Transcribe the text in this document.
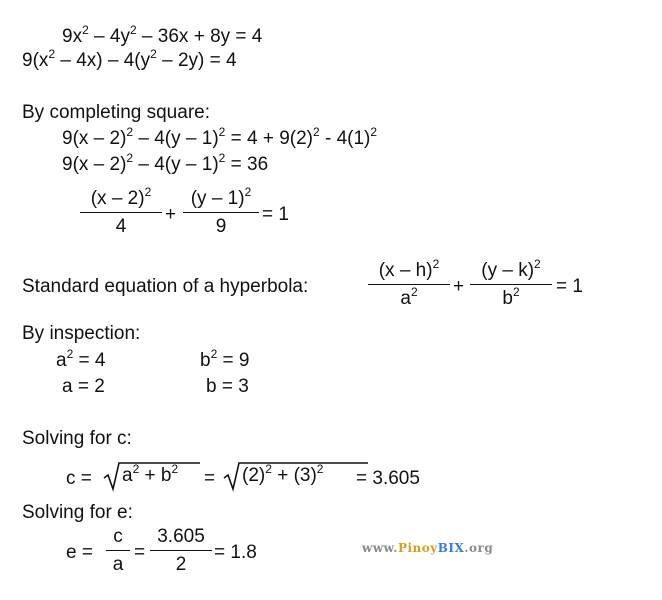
$9x^2 - 4y^2 - 36x + 8y = 4$
$9(x^2 - 4x) - 4(y^2 - 2y) = 4$
By completing square:
$9(x - 2)^2 - 4(y - 1)^2 = 4 + 9(2)^2 - 4(1)^2$
9(x – 2)$^2$ – 4(y – 1)$^2$ = 36
(x – 2)$^2$
4
+
(y – 1)$^2$
9
= 1
Standard equation of a hyperbola:
(x – h)$^2$
$a^2$	+
(y – k)$^2$
$b^2$	= 1
By inspection:
$a^2 = 4$	$b^2 = 9$
a = 2	b = 3
Solving for c:
$c = a^2 + b^2 = (2)^2 + (3)^2 = 3.605$
Solving for e:
e =
c
a
=
3.605
2
= 1.8	www.PinoyBIX.org
